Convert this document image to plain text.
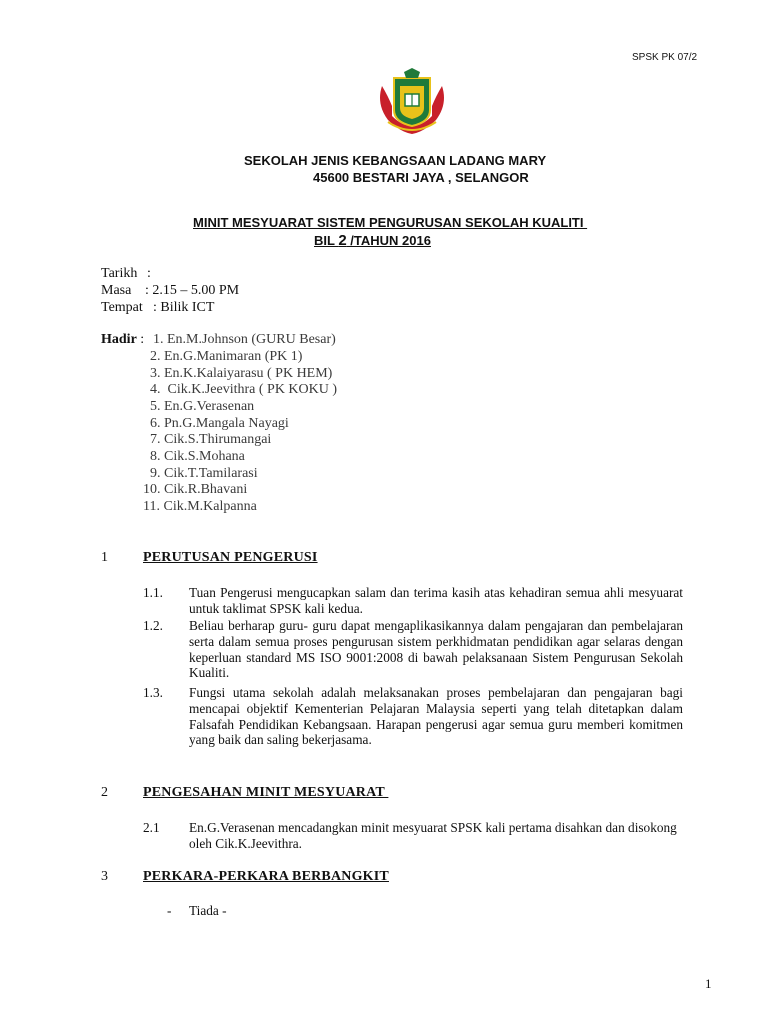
SPSK PK 07/2
SEKOLAH JENIS KEBANGSAAN LADANG MARY
45600 BESTARI JAYA , SELANGOR
MINIT MESYUARAT SISTEM PENGURUSAN SEKOLAH KUALITI
BIL 2 /TAHUN 2016
Tarikh :
Masa : 2.15 – 5.00 PM
Tempat : Bilik ICT
Hadir : 1. En.M.Johnson (GURU Besar)
2. En.G.Manimaran (PK 1)
3. En.K.Kalaiyarasu ( PK HEM)
4.  Cik.K.Jeevithra ( PK KOKU )
5. En.G.Verasenan
6. Pn.G.Mangala Nayagi
7. Cik.S.Thirumangai
8. Cik.S.Mohana
9. Cik.T.Tamilarasi
10. Cik.R.Bhavani
11. Cik.M.Kalpanna
1	PERUTUSAN PENGERUSI
1.1. Tuan Pengerusi mengucapkan salam dan terima kasih atas kehadiran semua ahli mesyuarat untuk taklimat SPSK kali kedua.
1.2. Beliau berharap guru- guru dapat mengaplikasikannya dalam pengajaran dan pembelajaran serta dalam semua proses pengurusan sistem perkhidmatan pendidikan agar selaras dengan keperluan standard MS ISO 9001:2008 di bawah pelaksanaan Sistem Pengurusan Sekolah Kualiti.
1.3. Fungsi utama sekolah adalah melaksanakan proses pembelajaran dan pengajaran bagi mencapai objektif Kementerian Pelajaran Malaysia seperti yang telah ditetapkan dalam Falsafah Pendidikan Kebangsaan. Harapan pengerusi agar semua guru memberi komitmen yang baik dan saling bekerjasama.
2	PENGESAHAN MINIT MESYUARAT
2.1 En.G.Verasenan mencadangkan minit mesyuarat SPSK kali pertama disahkan dan disokong oleh Cik.K.Jeevithra.
3	PERKARA-PERKARA BERBANGKIT
- Tiada -
1
